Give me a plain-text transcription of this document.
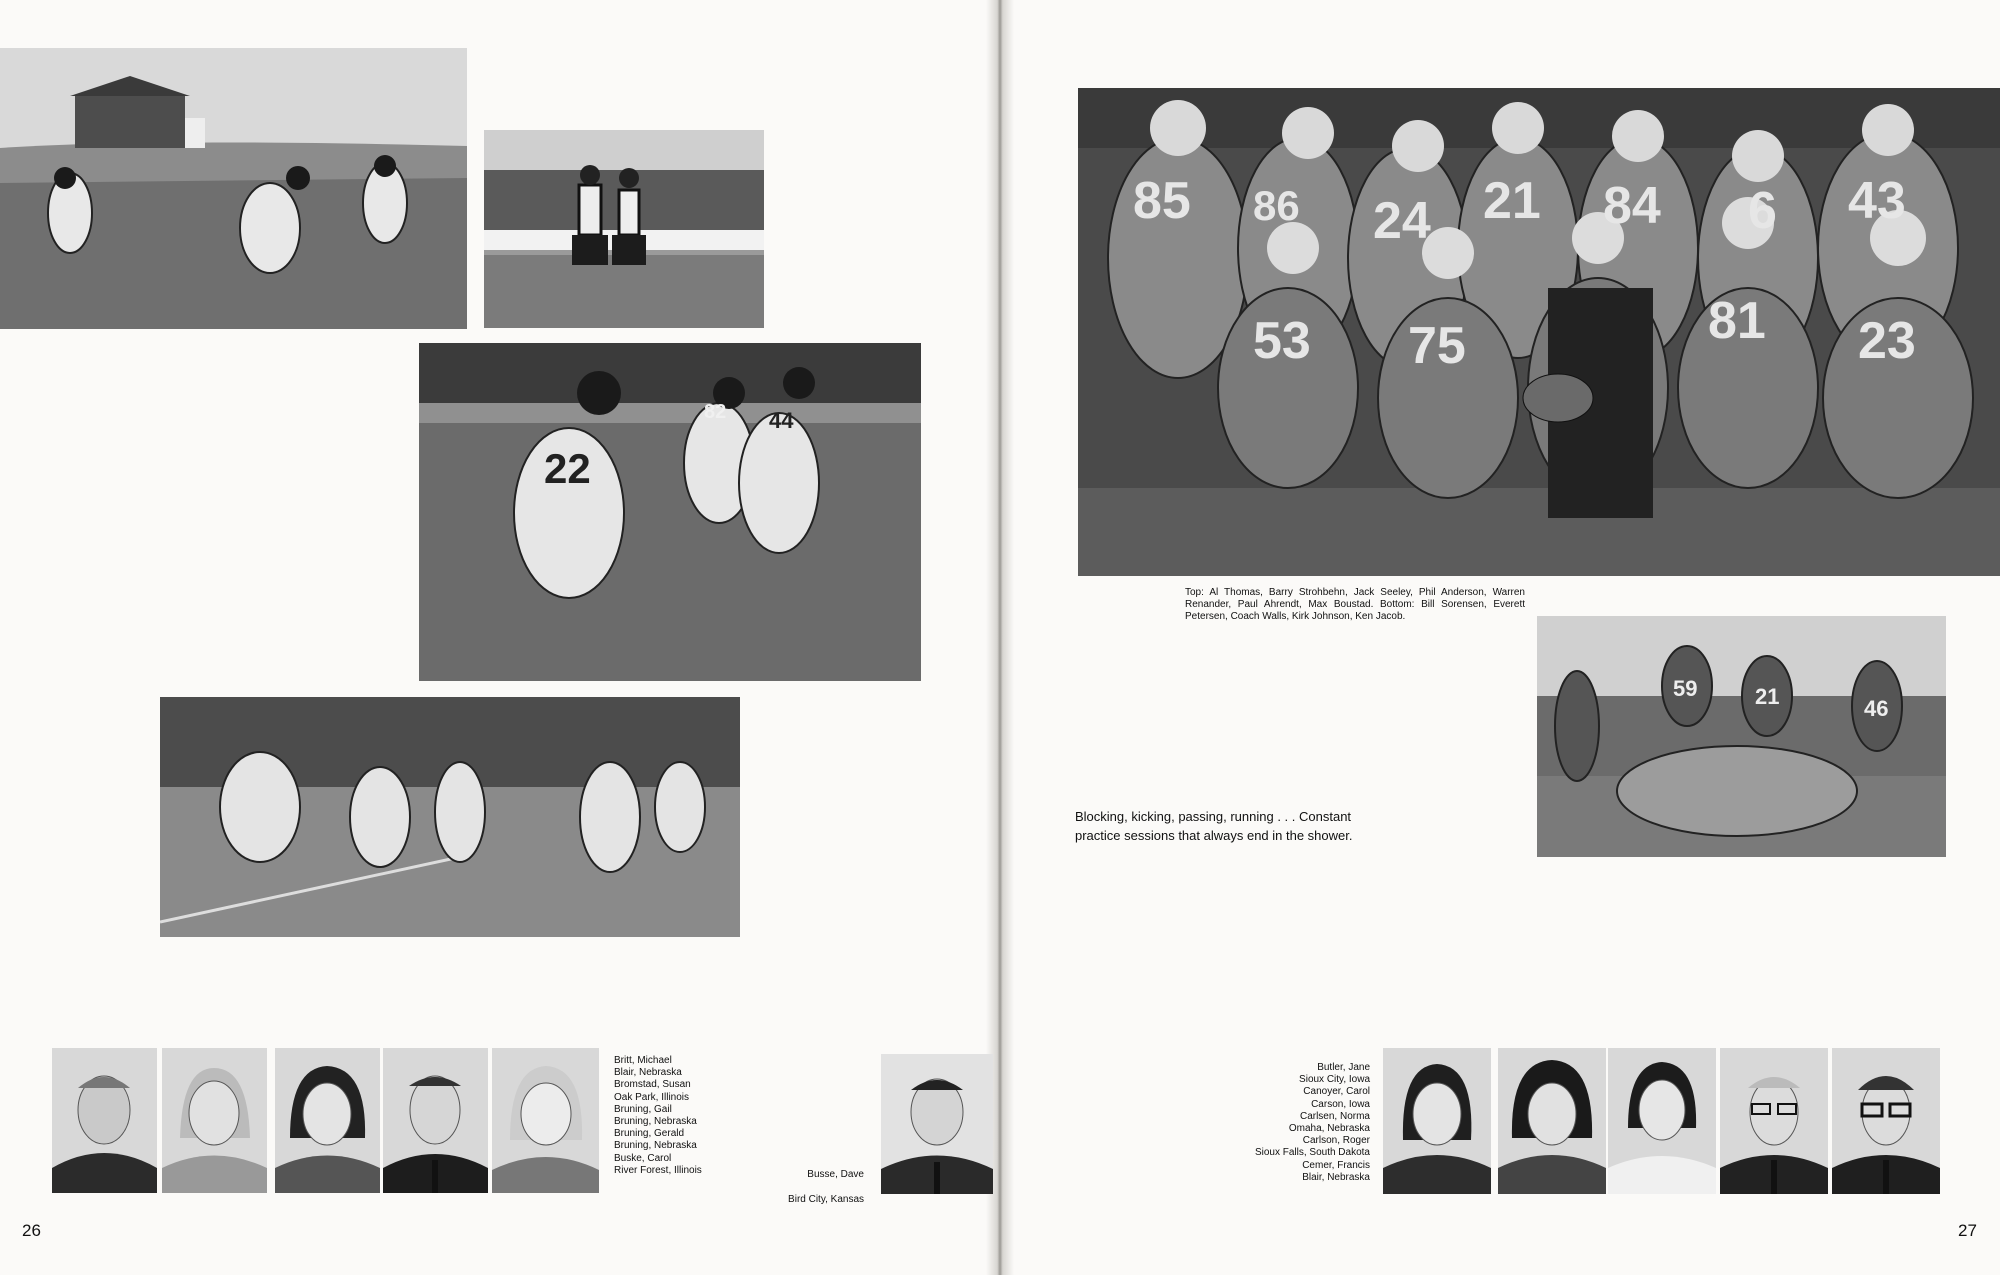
22
82 44
Britt, Michael
Blair, Nebraska
Bromstad, Susan
Oak Park, Illinois
Bruning, Gail
Bruning, Nebraska
Bruning, Gerald
Bruning, Nebraska
Buske, Carol
River Forest, Illinois	Busse, Dave

Bird City, Kansas

26
85 86 24 21 84 6 43
53 75	81 23
Top: Al Thomas, Barry Strohbehn, Jack Seeley, Phil Anderson, Warren Renander, Paul Ahrendt, Max Boustad. Bottom: Bill Sorensen, Everett Petersen, Coach Walls, Kirk Johnson, Ken Jacob.
59	21	46
Blocking, kicking, passing, running . . . Constant practice sessions that always end in the shower.
Butler, Jane
Sioux City, Iowa
Canoyer, Carol
Carson, Iowa
Carlsen, Norma
Omaha, Nebraska
Carlson, Roger
Sioux Falls, South Dakota
Cemer, Francis
Blair, Nebraska
27
